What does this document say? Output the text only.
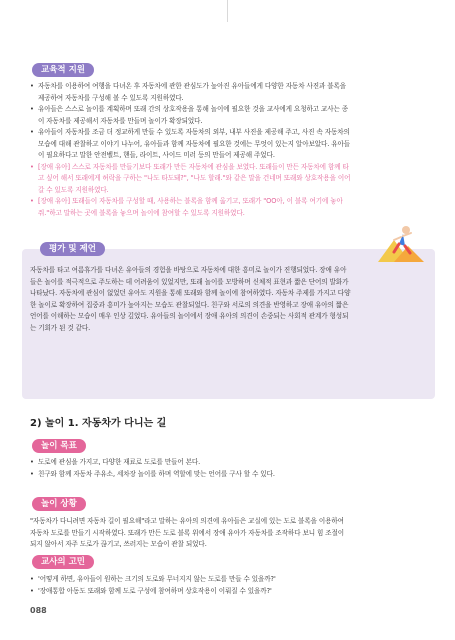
교육적 지원
• 자동차를 이용하여 여행을 다녀온 후 자동차에 관한 관심도가 높아진 유아들에게 다양한 자동차 사진과 블록을
제공하여 자동차를 구성해 볼 수 있도록 지원하였다.
• 유아들은 스스로 놀이를 계획하며 또래 간의 상호작용을 통해 놀이에 필요한 것을 교사에게 요청하고 교사는 종
이 자동차를 제공해서 자동차를 만들며 놀이가 확장되었다.
• 유아들이 자동차를 조금 더 정교하게 만들 수 있도록 자동차의 외부, 내부 사진을 제공해 주고, 사진 속 자동차의
모습에 대해 관찰하고 이야기 나누어, 유아들과 함께 자동차에 필요한 것에는 무엇이 있는지 알아보았다. 유아들
이 필요하다고 말한 안전벨트, 핸들, 라이트, 사이드 미러 등의 만들어 제공해 주었다.
• [장애 유아] 스스로 자동차를 만들기보다 또래가 만든 자동차에 관심을 보였다. 또래들이 만든 자동차에 함께 타
고 싶어 해서 또래에게 허락을 구하는 "나도 타도돼?", "나도 할래."와 같은 말을 건네며 또래와 상호작용을 이어
갈 수 있도록 지원하였다.
• [장애 유아] 또래들이 자동차를 구성할 때, 사용하는 블록을 함께 옮기고, 또래가 "OO아, 이 블록 여기에 놓아
줘."하고 말하는 곳에 블록을 놓으며 놀이에 참여할 수 있도록 지원하였다.
평가 및 제언
자동차를 타고 여름휴가를 다녀온 유아들의 경험을 바탕으로 자동차에 대한 흥미로 놀이가 진행되었다. 장애 유아
들은 놀이를 적극적으로 주도하는 데 어려움이 있었지만, 또래 놀이를 모방하며 신체적 표현과 짧은 단어의 발화가
나타났다. 자동차에 관심이 없었던 유아도 지원을 통해 또래와 함께 놀이에 참여하였다. 자동차 주제를 가지고 다양
한 놀이로 확장하여 집중과 흥미가 높아지는 모습도 관찰되었다. 친구와 서로의 의견을 반영하고 장애 유아의 짧은
언어를 이해하는 모습이 매우 인상 깊었다. 유아들의 놀이에서 장애 유아의 의견이 손중되는 사회적 관계가 형성되
는 기회가 된 것 같다.
2) 놀이 1. 자동차가 다니는 길
놀이 목표
• 도로에 관심을 가지고, 다양한 재료로 도로를 만들어 본다.
• 친구와 함께 자동차 주유소, 세차장 놀이를 하며 역할에 맞는 언어를 구사 할 수 있다.
놀이 상황
"자동차가 다니려면 자동차 길이 필요해"라고 말하는 유아의 의견에 유아들은 교실에 있는 도로 블록을 이용하여
자동차 도로를 만들기 시작하였다. 또래가 만든 도로 블록 위에서 장애 유아가 자동차를 조작하다 보니 힘 조절이
되지 않아서 자주 도로가 끊기고, 쓰러지는 모습이 관찰 되었다.
교사의 고민
• '어떻게 하면, 유아들이 원하는 크기의 도로와 무너지지 않는 도로를 만들 수 있을까?'
• '장애통합 아동도 또래와 함께 도로 구성에 참여하며 상호작용이 이뤄질 수 있을까?'
088
